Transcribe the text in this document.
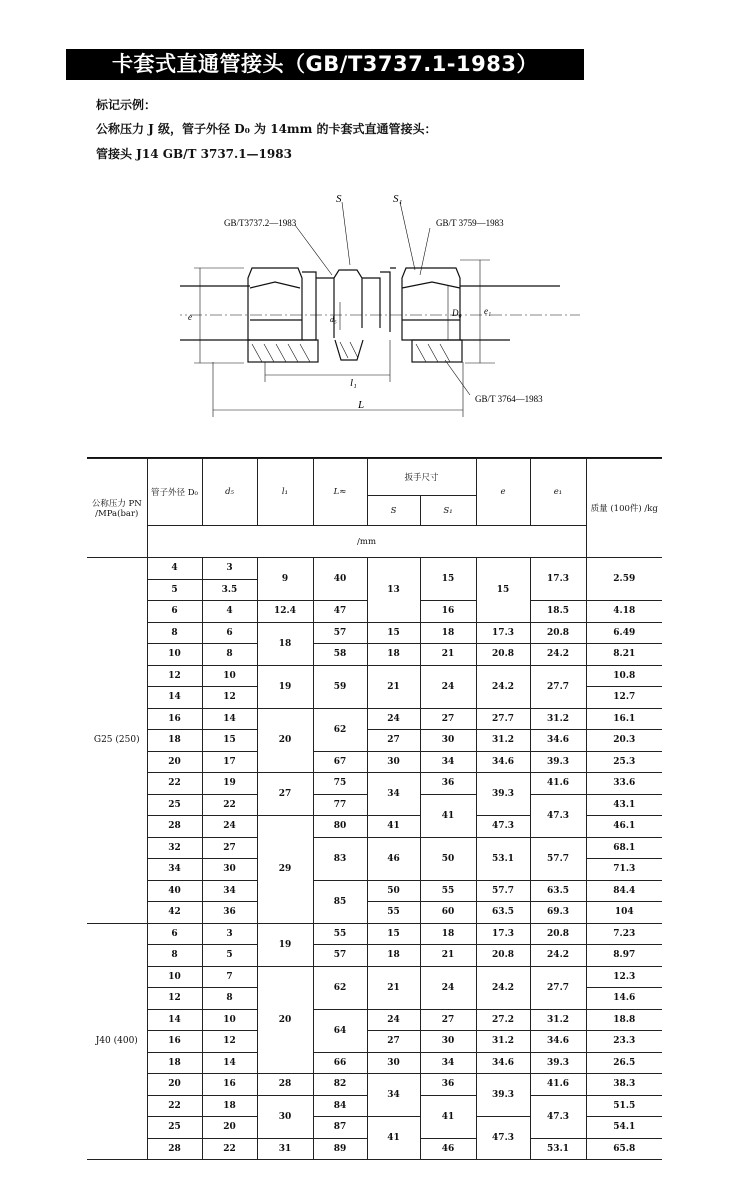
卡套式直通管接头（GB/T3737.1-1983）
标记示例：
公称压力 J 级，管子外径 D₀ 为 14mm 的卡套式直通管接头：
管接头 J14 GB/T 3737.1—1983
GB/T3737.2—1983	GB/T 3759—1983
GB/T 3764—1983
S	S₁
e
e₁
d₅
D₀
l₁
L
公称压力 PN /MPa(bar)	管子外径 D₀	d₅	l₁	L≈	扳手尺寸		e	e₁	质量 (100件) /kg
					S	S₁			
	/mm								
G25 (250)	4	3	9	40	13	15	15	17.3	2.59
	5	3.5							
	6	4	12.4	47		16		18.5	4.18
	8	6	18	57	15	18	17.3	20.8	6.49
	10	8		58	18	21	20.8	24.2	8.21
	12	10	19	59	21	24	24.2	27.7	10.8
	14	12							12.7
	16	14	20	62	24	27	27.7	31.2	16.1
	18	15			27	30	31.2	34.6	20.3
	20	17		67	30	34	34.6	39.3	25.3
	22	19	27	75	34	36	39.3	41.6	33.6
	25	22		77		41		47.3	43.1
	28	24	29	80	41		47.3		46.1
	32	27		83	46	50	53.1	57.7	68.1
	34	30							71.3
	40	34		85	50	55	57.7	63.5	84.4
	42	36			55	60	63.5	69.3	104
J40 (400)	6	3	19	55	15	18	17.3	20.8	7.23
	8	5		57	18	21	20.8	24.2	8.97
	10	7	20	62	21	24	24.2	27.7	12.3
	12	8							14.6
	14	10		64	24	27	27.2	31.2	18.8
	16	12			27	30	31.2	34.6	23.3
	18	14		66	30	34	34.6	39.3	26.5
	20	16	28	82	34	36	39.3	41.6	38.3
	22	18	30	84		41		47.3	51.5
	25	20		87	41		47.3		54.1
	28	22	31	89		46		53.1	65.8
